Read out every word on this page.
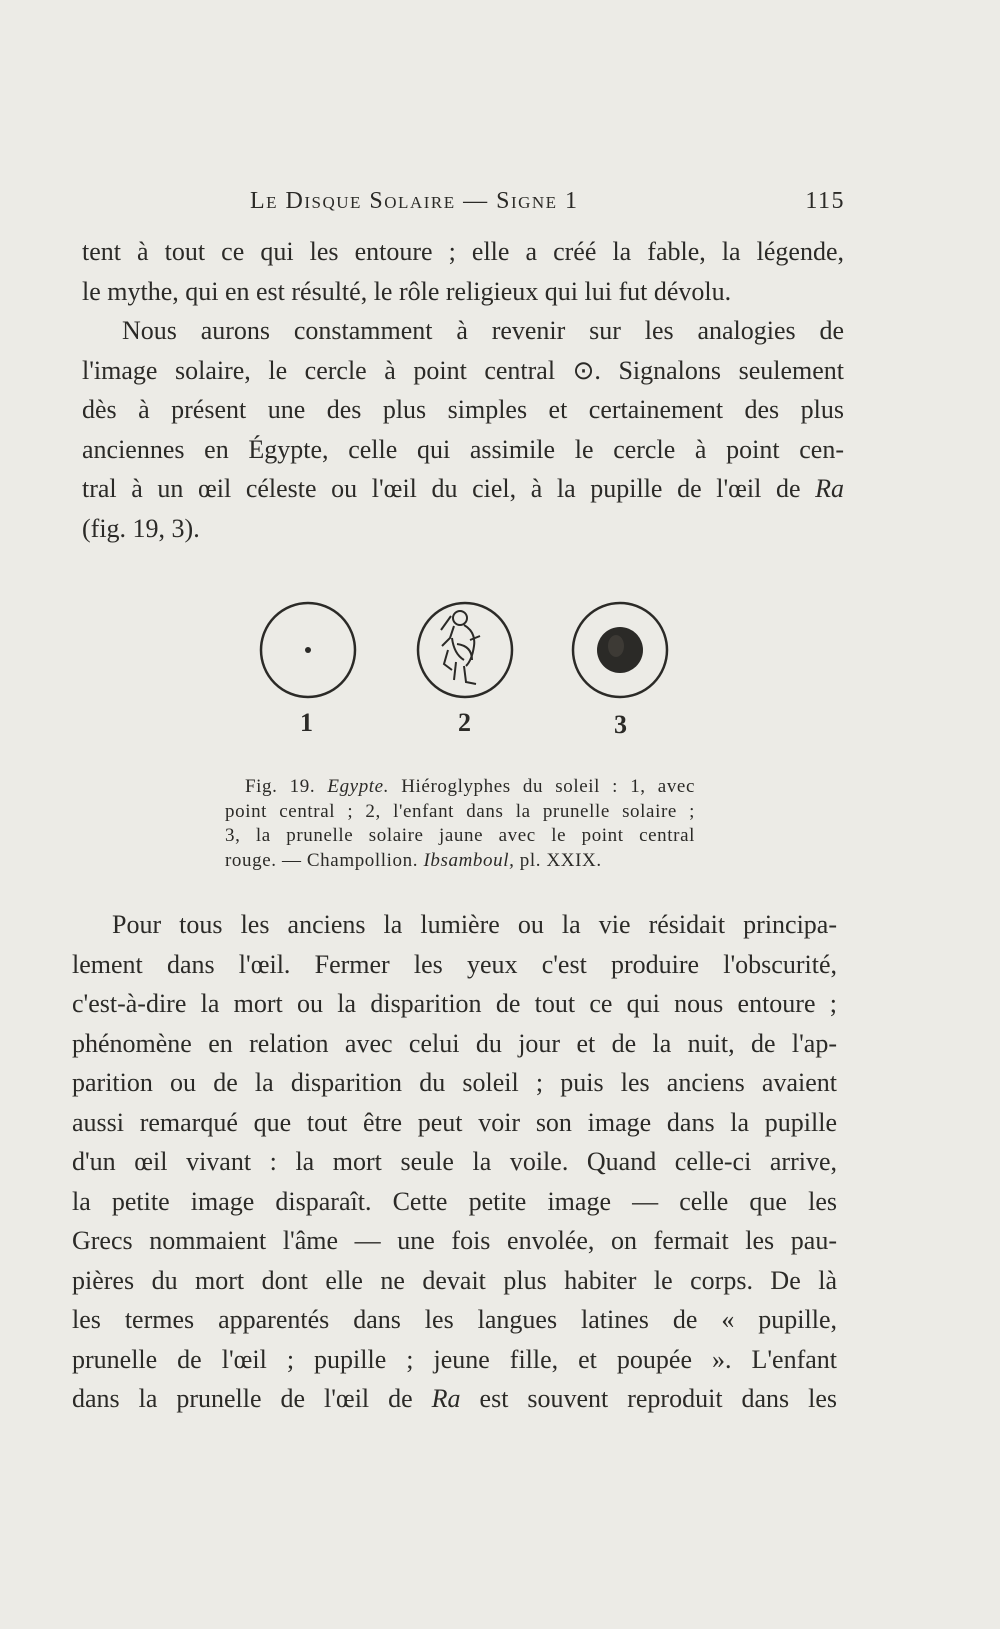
Le Disque Solaire — Signe 1	115
tent à tout ce qui les entoure ; elle a créé la fable, la légende,
le mythe, qui en est résulté, le rôle religieux qui lui fut dévolu.
Nous aurons constamment à revenir sur les analogies de
l'image solaire, le cercle à point central ⊙. Signalons seulement
dès à présent une des plus simples et certainement des plus
anciennes en Égypte, celle qui assimile le cercle à point cen-
tral à un œil céleste ou l'œil du ciel, à la pupille de l'œil de Ra
(fig. 19, 3).
1	2	3
Fig. 19. Egypte. Hiéroglyphes du soleil : 1, avec
point central ; 2, l'enfant dans la prunelle solaire ;
3, la prunelle solaire jaune avec le point central
rouge. — Champollion. Ibsamboul, pl. XXIX.
Pour tous les anciens la lumière ou la vie résidait principa-
lement dans l'œil. Fermer les yeux c'est produire l'obscurité,
c'est-à-dire la mort ou la disparition de tout ce qui nous entoure ;
phénomène en relation avec celui du jour et de la nuit, de l'ap-
parition ou de la disparition du soleil ; puis les anciens avaient
aussi remarqué que tout être peut voir son image dans la pupille
d'un œil vivant : la mort seule la voile. Quand celle-ci arrive,
la petite image disparaît. Cette petite image — celle que les
Grecs nommaient l'âme — une fois envolée, on fermait les pau-
pières du mort dont elle ne devait plus habiter le corps. De là
les termes apparentés dans les langues latines de « pupille,
prunelle de l'œil ; pupille ; jeune fille, et poupée ». L'enfant
dans la prunelle de l'œil de Ra est souvent reproduit dans les
